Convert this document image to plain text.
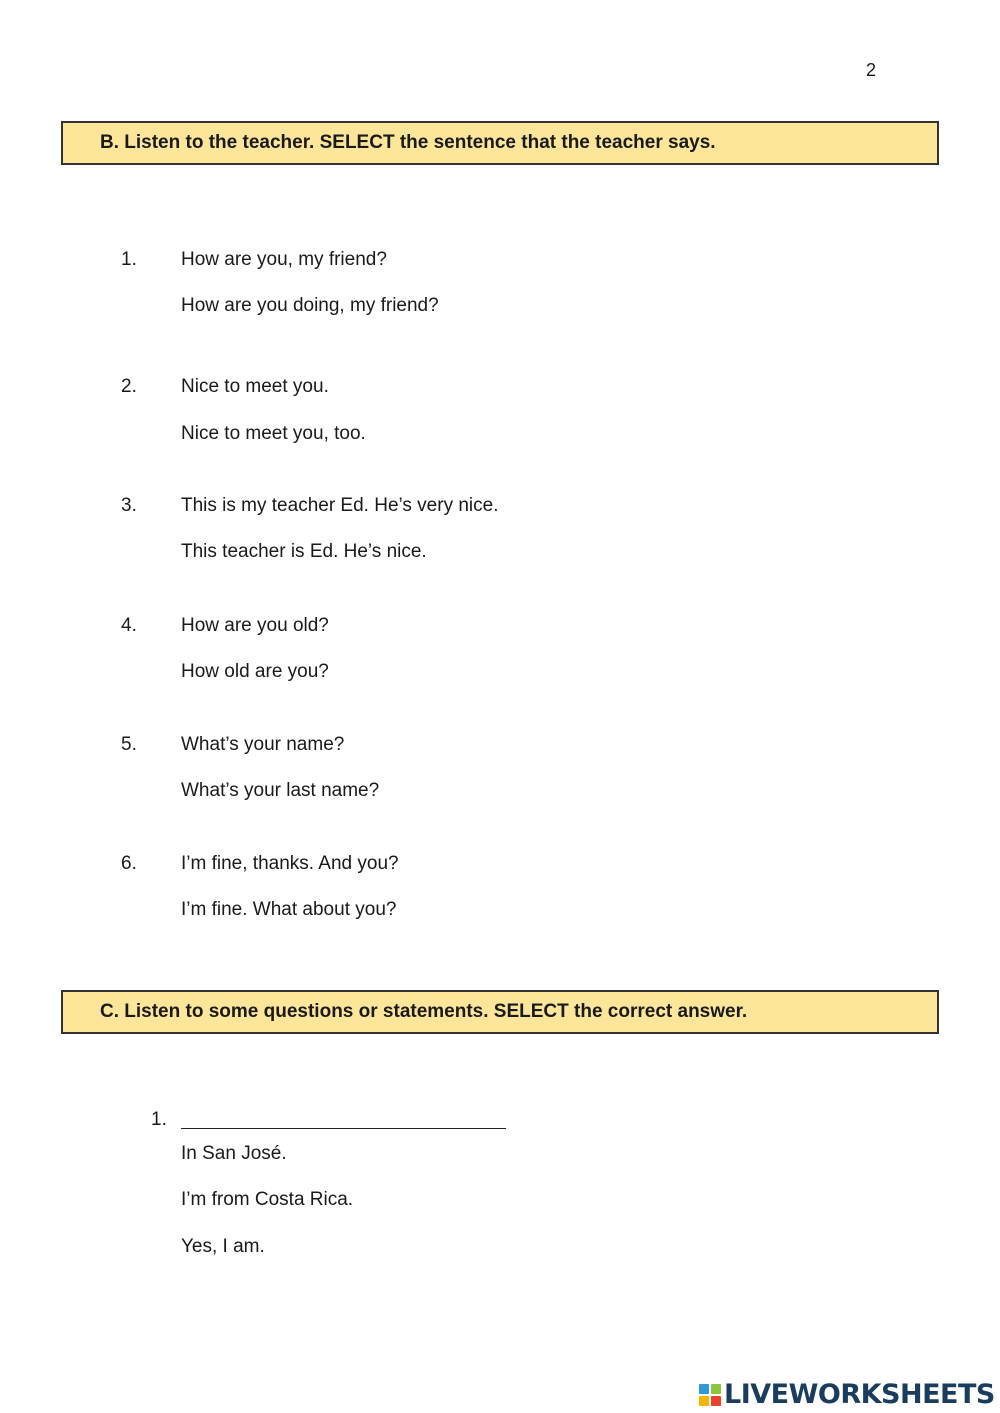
2
B. Listen to the teacher. SELECT the sentence that the teacher says.
1. How are you, my friend?
How are you doing, my friend?
2. Nice to meet you.
Nice to meet you, too.
3. This is my teacher Ed. He’s very nice.
This teacher is Ed. He’s nice.
4. How are you old?
How old are you?
5. What’s your name?
What’s your last name?
6. I’m fine, thanks. And you?
I’m fine. What about you?
C. Listen to some questions or statements. SELECT the correct answer.
1.
In San José.
I’m from Costa Rica.
Yes, I am.
LIVEWORKSHEETS
